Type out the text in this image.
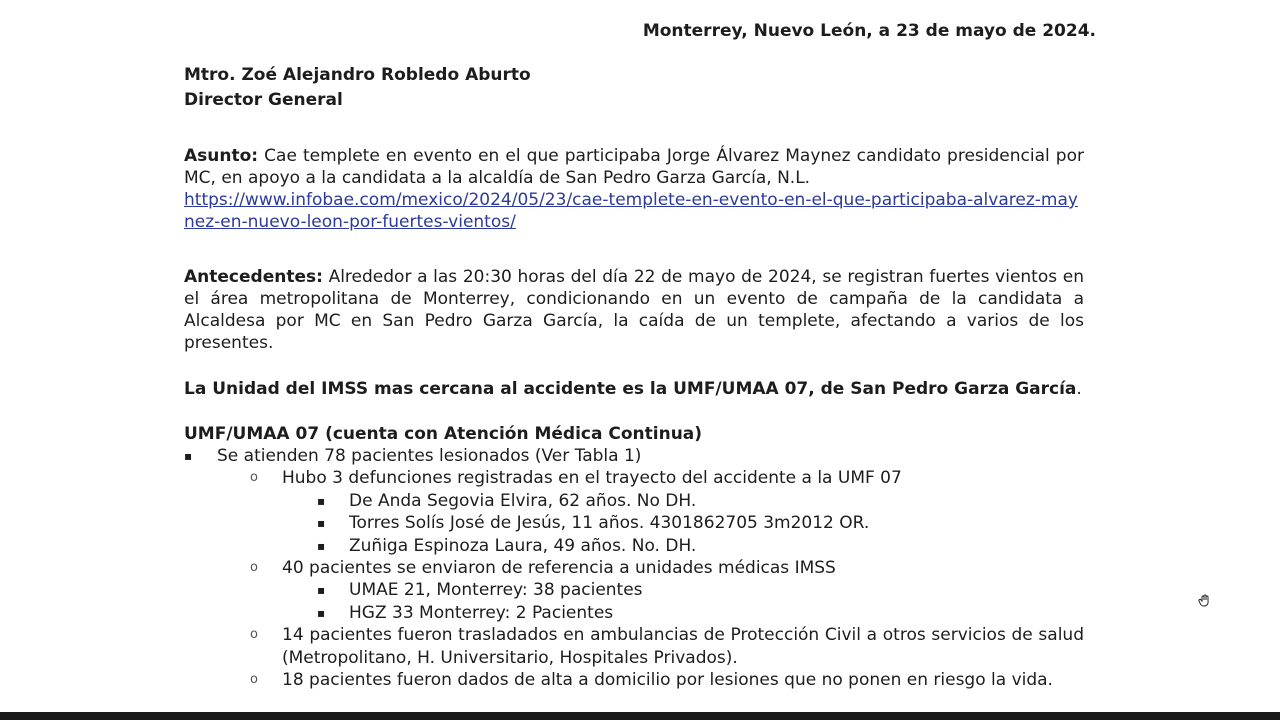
Monterrey, Nuevo León, a 23 de mayo de 2024.
Mtro. Zoé Alejandro Robledo Aburto
Director General
Asunto: Cae templete en evento en el que participaba Jorge Álvarez Maynez candidato presidencial por MC, en apoyo a la candidata a la alcaldía de San Pedro Garza García, N.L.
https://www.infobae.com/mexico/2024/05/23/cae-templete-en-evento-en-el-que-participaba-alvarez-maynez-en-nuevo-leon-por-fuertes-vientos/
Antecedentes: Alrededor a las 20:30 horas del día 22 de mayo de 2024, se registran fuertes vientos en el área metropolitana de Monterrey, condicionando en un evento de campaña de la candidata a Alcaldesa por MC en San Pedro Garza García, la caída de un templete, afectando a varios de los presentes.
La Unidad del IMSS mas cercana al accidente es la UMF/UMAA 07, de San Pedro Garza García.
UMF/UMAA 07 (cuenta con Atención Médica Continua)
▪ Se atienden 78 pacientes lesionados (Ver Tabla 1)
o Hubo 3 defunciones registradas en el trayecto del accidente a la UMF 07
▪ De Anda Segovia Elvira, 62 años. No DH.
▪ Torres Solís José de Jesús, 11 años. 4301862705 3m2012 OR.
▪ Zuñiga Espinoza Laura, 49 años. No. DH.
o 40 pacientes se enviaron de referencia a unidades médicas IMSS
▪ UMAE 21, Monterrey: 38 pacientes
▪ HGZ 33 Monterrey: 2 Pacientes
o 14 pacientes fueron trasladados en ambulancias de Protección Civil a otros servicios de salud (Metropolitano, H. Universitario, Hospitales Privados).
o 18 pacientes fueron dados de alta a domicilio por lesiones que no ponen en riesgo la vida.
